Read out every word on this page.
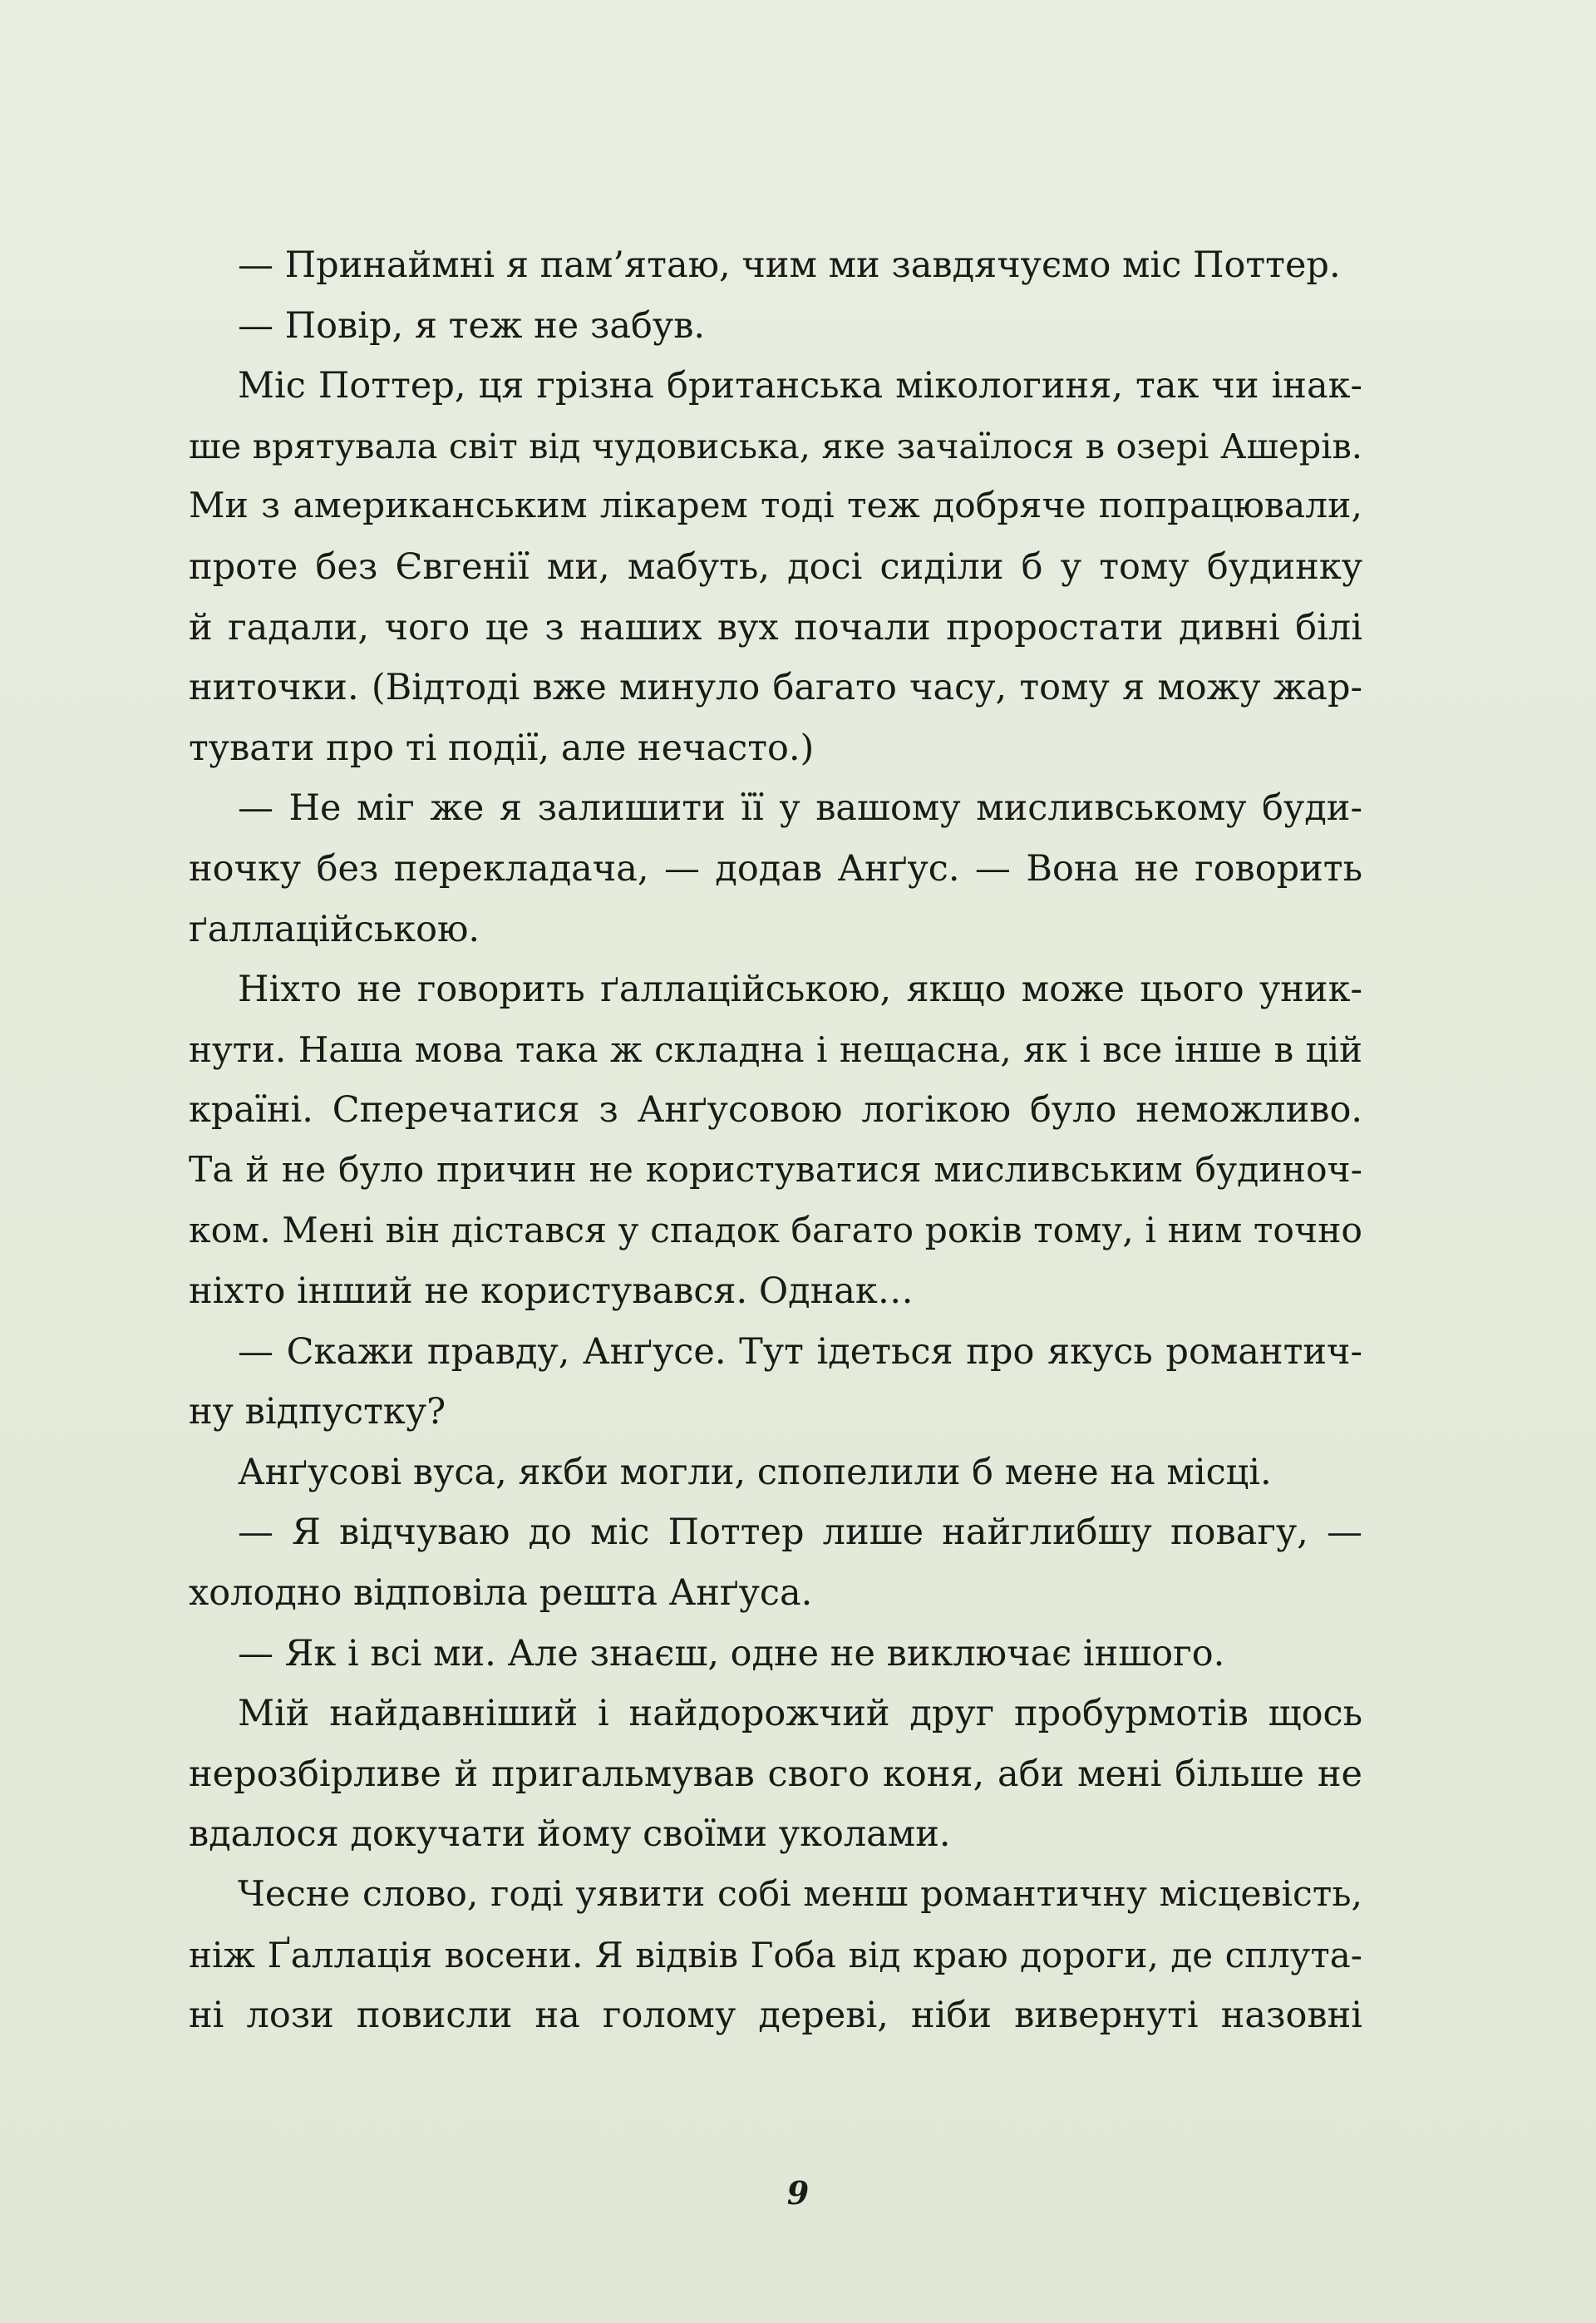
— Принаймні я пам’ятаю, чим ми завдячуємо міс Поттер.
— Повір, я теж не забув.
Міс Поттер, ця грізна британська мікологиня, так чи інак-
ше врятувала світ від чудовиська, яке зачаїлося в озері Ашерів.
Ми з американським лікарем тоді теж добряче попрацювали,
проте без Євгенії ми, мабуть, досі сиділи б у тому будинку
й гадали, чого це з наших вух почали проростати дивні білі
ниточки. (Відтоді вже минуло багато часу, тому я можу жар-
тувати про ті події, але нечасто.)
— Не міг же я залишити її у вашому мисливському буди-
ночку без перекладача, — додав Анґус. — Вона не говорить
ґаллаційською.
Ніхто не говорить ґаллаційською, якщо може цього уник-
нути. Наша мова така ж складна і нещасна, як і все інше в цій
країні. Сперечатися з Анґусовою логікою було неможливо.
Та й не було причин не користуватися мисливським будиноч-
ком. Мені він дістався у спадок багато років тому, і ним точно
ніхто інший не користувався. Однак…
— Скажи правду, Анґусе. Тут ідеться про якусь романтич-
ну відпустку?
Анґусові вуса, якби могли, спопелили б мене на місці.
— Я відчуваю до міс Поттер лише найглибшу повагу, —
холодно відповіла решта Анґуса.
— Як і всі ми. Але знаєш, одне не виключає іншого.
Мій найдавніший і найдорожчий друг пробурмотів щось
нерозбірливе й пригальмував свого коня, аби мені більше не
вдалося докучати йому своїми уколами.
Чесне слово, годі уявити собі менш романтичну місцевість,
ніж Ґаллація восени. Я відвів Гоба від краю дороги, де сплута-
ні лози повисли на голому дереві, ніби вивернуті назовні
9
